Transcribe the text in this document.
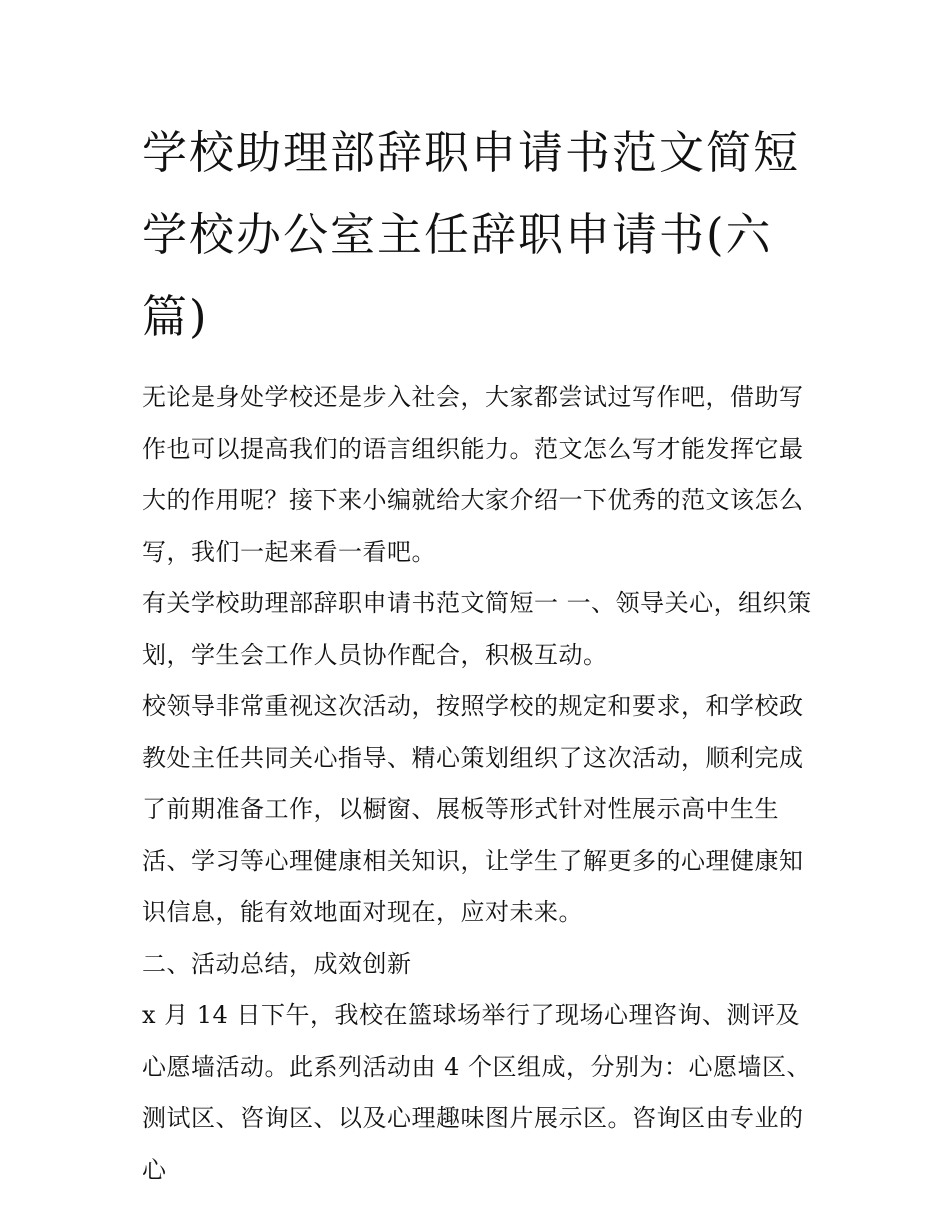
学校助理部辞职申请书范文简短 学校办公室主任辞职申请书(六篇)

无论是身处学校还是步入社会，大家都尝试过写作吧，借助写作也可以提高我们的语言组织能力。范文怎么写才能发挥它最大的作用呢？接下来小编就给大家介绍一下优秀的范文该怎么写，我们一起来看一看吧。

有关学校助理部辞职申请书范文简短一 一、领导关心，组织策划，学生会工作人员协作配合，积极互动。

校领导非常重视这次活动，按照学校的规定和要求，和学校政教处主任共同关心指导、精心策划组织了这次活动，顺利完成了前期准备工作，以橱窗、展板等形式针对性展示高中生生活、学习等心理健康相关知识，让学生了解更多的心理健康知识信息，能有效地面对现在，应对未来。

二、活动总结，成效创新

x 月 14 日下午，我校在篮球场举行了现场心理咨询、测评及心愿墙活动。此系列活动由 4 个区组成，分别为：心愿墙区、测试区、咨询区、以及心理趣味图片展示区。咨询区由专业的心
